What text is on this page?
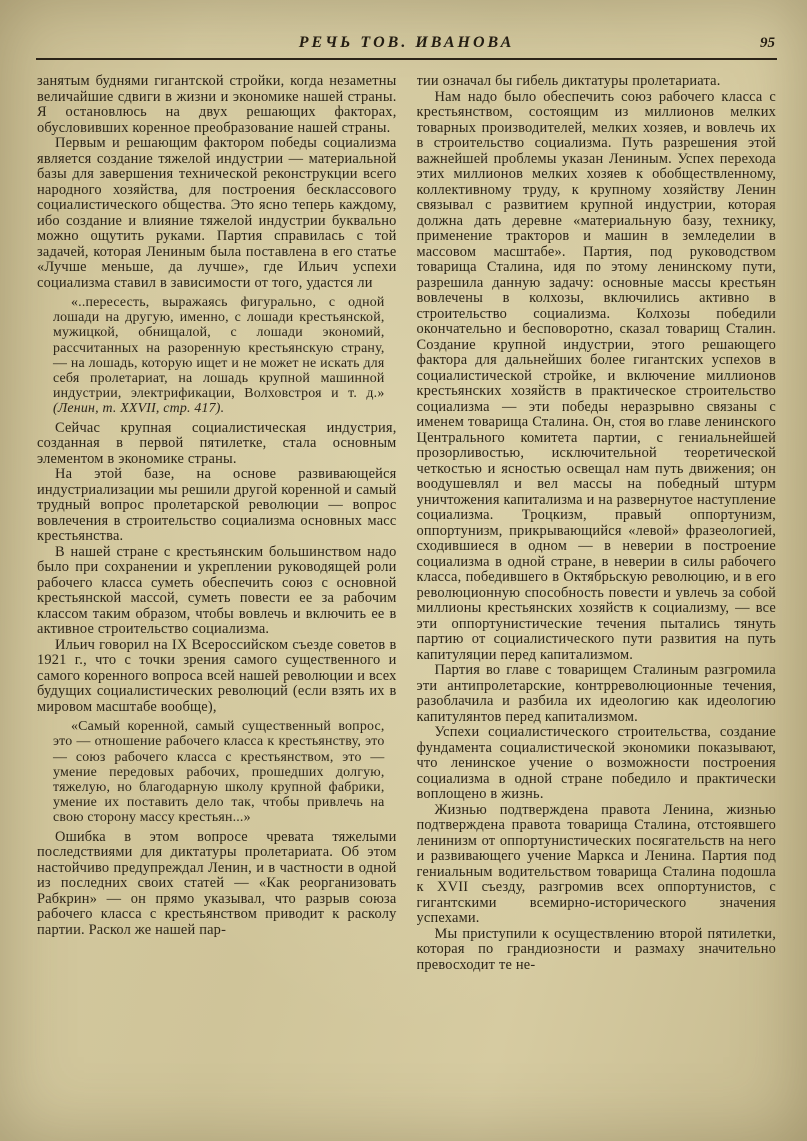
РЕЧЬ ТОВ. ИВАНОВА	95

занятым буднями гигантской стройки, когда незаметны величайшие сдвиги в жизни и экономике нашей страны. Я остановлюсь на двух решающих факторах, обусловивших коренное преобразование нашей страны.

Первым и решающим фактором победы социализма является создание тяжелой индустрии — материальной базы для завершения технической реконструкции всего народного хозяйства, для построения бесклассового социалистического общества. Это ясно теперь каждому, ибо создание и влияние тяжелой индустрии буквально можно ощутить руками. Партия справилась с той задачей, которая Лениным была поставлена в его статье «Лучше меньше, да лучше», где Ильич успехи социализма ставил в зависимости от того, удастся ли

«..пересесть, выражаясь фигурально, с одной лошади на другую, именно, с лошади крестьянской, мужицкой, обнищалой, с лошади экономий, рассчитанных на разоренную крестьянскую страну, — на лошадь, которую ищет и не может не искать для себя пролетариат, на лошадь крупной машинной индустрии, электрификации, Волховстроя и т. д.» (Ленин, т. XXVII, стр. 417).

Сейчас крупная социалистическая индустрия, созданная в первой пятилетке, стала основным элементом в экономике страны.

На этой базе, на основе развивающейся индустриализации мы решили другой коренной и самый трудный вопрос пролетарской революции — вопрос вовлечения в строительство социализма основных масс крестьянства.

В нашей стране с крестьянским большинством надо было при сохранении и укреплении руководящей роли рабочего класса суметь обеспечить союз с основной крестьянской массой, суметь повести ее за рабочим классом таким образом, чтобы вовлечь и включить ее в активное строительство социализма.

Ильич говорил на IX Всероссийском съезде советов в 1921 г., что с точки зрения самого существенного и самого коренного вопроса всей нашей революции и всех будущих социалистических революций (если взять их в мировом масштабе вообще),

«Самый коренной, самый существенный вопрос, это — отношение рабочего класса к крестьянству, это — союз рабочего класса с крестьянством, это — умение передовых рабочих, прошедших долгую, тяжелую, но благодарную школу крупной фабрики, умение их поставить дело так, чтобы привлечь на свою сторону массу крестьян...»

Ошибка в этом вопросе чревата тяжелыми последствиями для диктатуры пролетариата. Об этом настойчиво предупреждал Ленин, и в частности в одной из последних своих статей — «Как реорганизовать Рабкрин» — он прямо указывал, что разрыв союза рабочего класса с крестьянством приводит к расколу партии. Раскол же нашей пар-

тии означал бы гибель диктатуры пролетариата.

Нам надо было обеспечить союз рабочего класса с крестьянством, состоящим из миллионов мелких товарных производителей, мелких хозяев, и вовлечь их в строительство социализма. Путь разрешения этой важнейшей проблемы указан Лениным. Успех перехода этих миллионов мелких хозяев к обобществленному, коллективному труду, к крупному хозяйству Ленин связывал с развитием крупной индустрии, которая должна дать деревне «материальную базу, технику, применение тракторов и машин в земледелии в массовом масштабе». Партия, под руководством товарища Сталина, идя по этому ленинскому пути, разрешила данную задачу: основные массы крестьян вовлечены в колхозы, включились активно в строительство социализма. Колхозы победили окончательно и бесповоротно, сказал товарищ Сталин. Создание крупной индустрии, этого решающего фактора для дальнейших более гигантских успехов в социалистической стройке, и включение миллионов крестьянских хозяйств в практическое строительство социализма — эти победы неразрывно связаны с именем товарища Сталина. Он, стоя во главе ленинского Центрального комитета партии, с гениальнейшей прозорливостью, исключительной теоретической четкостью и ясностью освещал нам путь движения; он воодушевлял и вел массы на победный штурм уничтожения капитализма и на развернутое наступление социализма. Троцкизм, правый оппортунизм, оппортунизм, прикрывающийся «левой» фразеологией, сходившиеся в одном — в неверии в построение социализма в одной стране, в неверии в силы рабочего класса, победившего в Октябрьскую революцию, и в его революционную способность повести и увлечь за собой миллионы крестьянских хозяйств к социализму, — все эти оппортунистические течения пытались тянуть партию от социалистического пути развития на путь капитуляции перед капитализмом.

Партия во главе с товарищем Сталиным разгромила эти антипролетарские, контрреволюционные течения, разоблачила и разбила их идеологию как идеологию капитулянтов перед капитализмом.

Успехи социалистического строительства, создание фундамента социалистической экономики показывают, что ленинское учение о возможности построения социализма в одной стране победило и практически воплощено в жизнь.

Жизнью подтверждена правота Ленина, жизнью подтверждена правота товарища Сталина, отстоявшего ленинизм от оппортунистических посягательств на него и развивающего учение Маркса и Ленина. Партия под гениальным водительством товарища Сталина подошла к XVII съезду, разгромив всех оппортунистов, с гигантскими всемирно-исторического значения успехами.

Мы приступили к осуществлению второй пятилетки, которая по грандиозности и размаху значительно превосходит те не-
